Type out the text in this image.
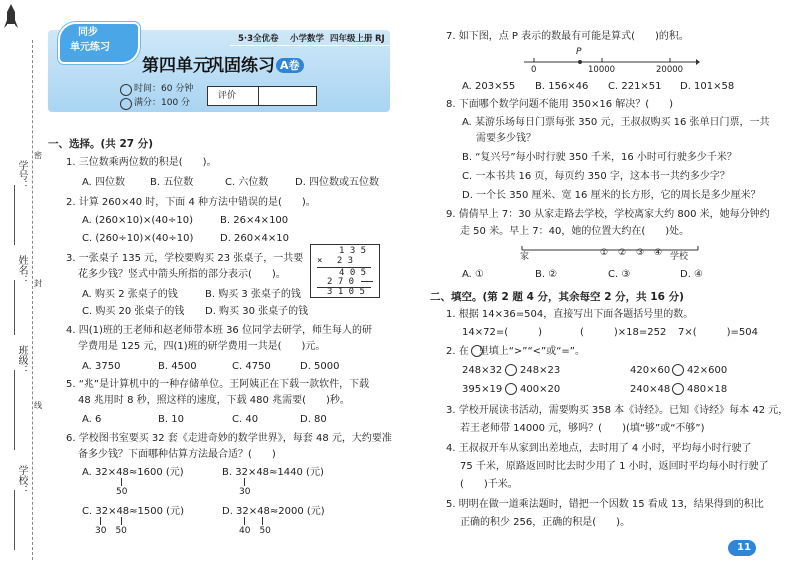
学号：
姓名：
班级：
学校：
密
封
线
同步
单元练习
5·3全优卷 小学数学 四年级上册 RJ
第四单元
巩固练习 A卷
时间：60 分钟
满分：100 分
评价
一、选择。(共 27 分)
1. 三位数乘两位数的积是(　　)。
A. 四位数 B. 五位数	C. 六位数	D. 四位数或五位数
2. 计算 260×40 时，下面 4 种方法中错误的是(　　)。
A. (260×10)×(40÷10)	B. 26×4×100
C. (260÷10)×(40÷10)	D. 260×4×10
3. 一张桌子 135 元，学校要购买 23 张桌子，一共要
花多少钱？竖式中箭头所指的部分表示(　　)。
1 3 5
×　 2 3
4 0 5
2 7 0
3 1 0 5
A. 购买 2 张桌子的钱	B. 购买 3 张桌子的钱
C. 购买 20 张桌子的钱 D. 购买 30 张桌子的钱
4. 四(1)班的王老师和赵老师带本班 36 位同学去研学，师生每人的研
学费用是 125 元，四(1)班的研学费用一共是(　　)元。
A. 3750	B. 4500	C. 4750	D. 5000
5. “兆”是计算机中的一种存储单位。王阿姨正在下载一款软件，下载
48 兆用时 8 秒，照这样的速度，下载 480 兆需要(　　)秒。
A. 6	B. 10	C. 40	D. 80
6. 学校图书室要买 32 套《走进奇妙的数学世界》，每套 48 元，大约要准
备多少钱？下面哪种估算方法最合适？(　　)
A. 32×48≈1600 (元)
50
B. 32×48≈1440 (元)
30
C. 32×48≈1500 (元)
30　50
D. 32×48≈2000 (元)
40　50
7. 如下图，点 P 表示的数最有可能是算式(　　)的积。
P
0	10000	20000
A. 203×55 B. 156×46 C. 221×51 D. 101×58
8. 下面哪个数学问题不能用 350×16 解决？(　　)
A. 某游乐场每日门票每张 350 元，王叔叔购买 16 张单日门票，一共
需要多少钱？
B. “复兴号”每小时行驶 350 千米，16 小时可行驶多少千米？
C. 一本书共 16 页，每页约 350 字，这本书一共约多少字？
D. 一个长 350 厘米、宽 16 厘米的长方形，它的周长是多少厘米？
9. 倩倩早上 7：30 从家走路去学校，学校离家大约 800 米，她每分钟约
走 50 米。早上 7：40，她的位置大约在(　　)处。
家	① ② ③ ④ 学校
A. ①	B. ②	C. ③	D. ④
二、填空。(第 2 题 4 分，其余每空 2 分，共 16 分)
1. 根据 14×36=504，直接写出下面各题括号里的数。
14×72=(　　　)	(　　　)×18=252 7×(　　　)=504
2. 在　里填上“>”“<”或“=”。
248×32 248×23	420×60 42×600
395×19 400×20	240×48 480×18
3. 学校开展读书活动，需要购买 358 本《诗经》。已知《诗经》每本 42 元，
若王老师带 14000 元，够吗？(　　)(填“够”或“不够”)
4. 王叔叔开车从家到出差地点，去时用了 4 小时，平均每小时行驶了
75 千米，原路返回时比去时少用了 1 小时，返回时平均每小时行驶了
(　　)千米。
5. 明明在做一道乘法题时，错把一个因数 15 看成 13，结果得到的积比
正确的积少 256，正确的积是(　　)。
11
